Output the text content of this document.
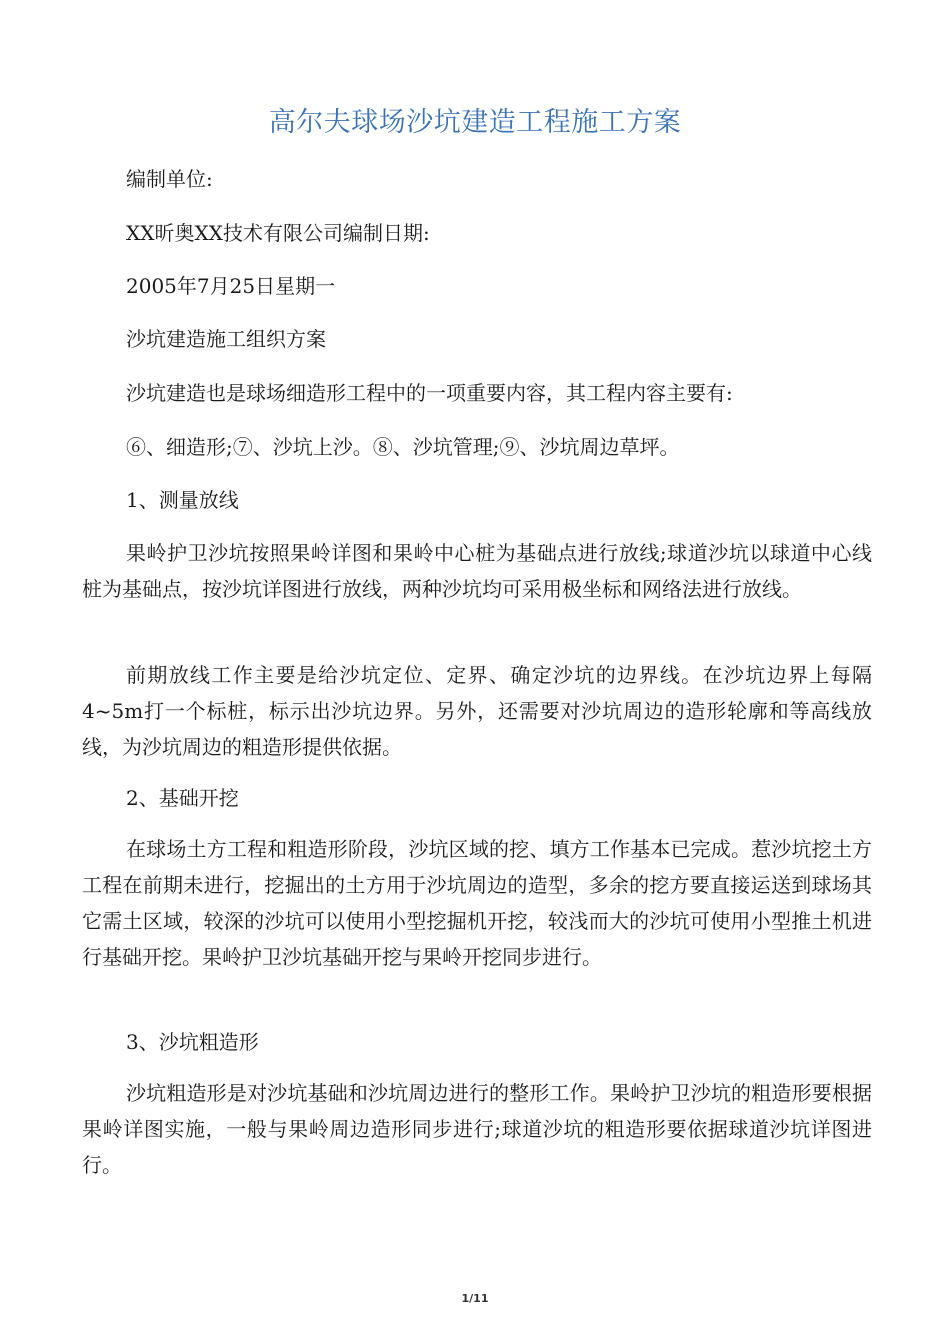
高尔夫球场沙坑建造工程施工方案
编制单位:
XX昕奥XX技术有限公司编制日期:
2005年7月25日星期一
沙坑建造施工组织方案
沙坑建造也是球场细造形工程中的一项重要内容，其工程内容主要有:
⑥、细造形;⑦、沙坑上沙。⑧、沙坑管理;⑨、沙坑周边草坪。
1、测量放线
果岭护卫沙坑按照果岭详图和果岭中心桩为基础点进行放线;球道沙坑以球道中心线桩为基础点，按沙坑详图进行放线，两种沙坑均可采用极坐标和网络法进行放线。
前期放线工作主要是给沙坑定位、定界、确定沙坑的边界线。在沙坑边界上每隔4~5m打一个标桩，标示出沙坑边界。另外，还需要对沙坑周边的造形轮廓和等高线放线，为沙坑周边的粗造形提供依据。
2、基础开挖
在球场土方工程和粗造形阶段，沙坑区域的挖、填方工作基本已完成。惹沙坑挖土方工程在前期未进行，挖掘出的土方用于沙坑周边的造型，多余的挖方要直接运送到球场其它需土区域，较深的沙坑可以使用小型挖掘机开挖，较浅而大的沙坑可使用小型推土机进行基础开挖。果岭护卫沙坑基础开挖与果岭开挖同步进行。
3、沙坑粗造形
沙坑粗造形是对沙坑基础和沙坑周边进行的整形工作。果岭护卫沙坑的粗造形要根据果岭详图实施，一般与果岭周边造形同步进行;球道沙坑的粗造形要依据球道沙坑详图进行。
1/11
